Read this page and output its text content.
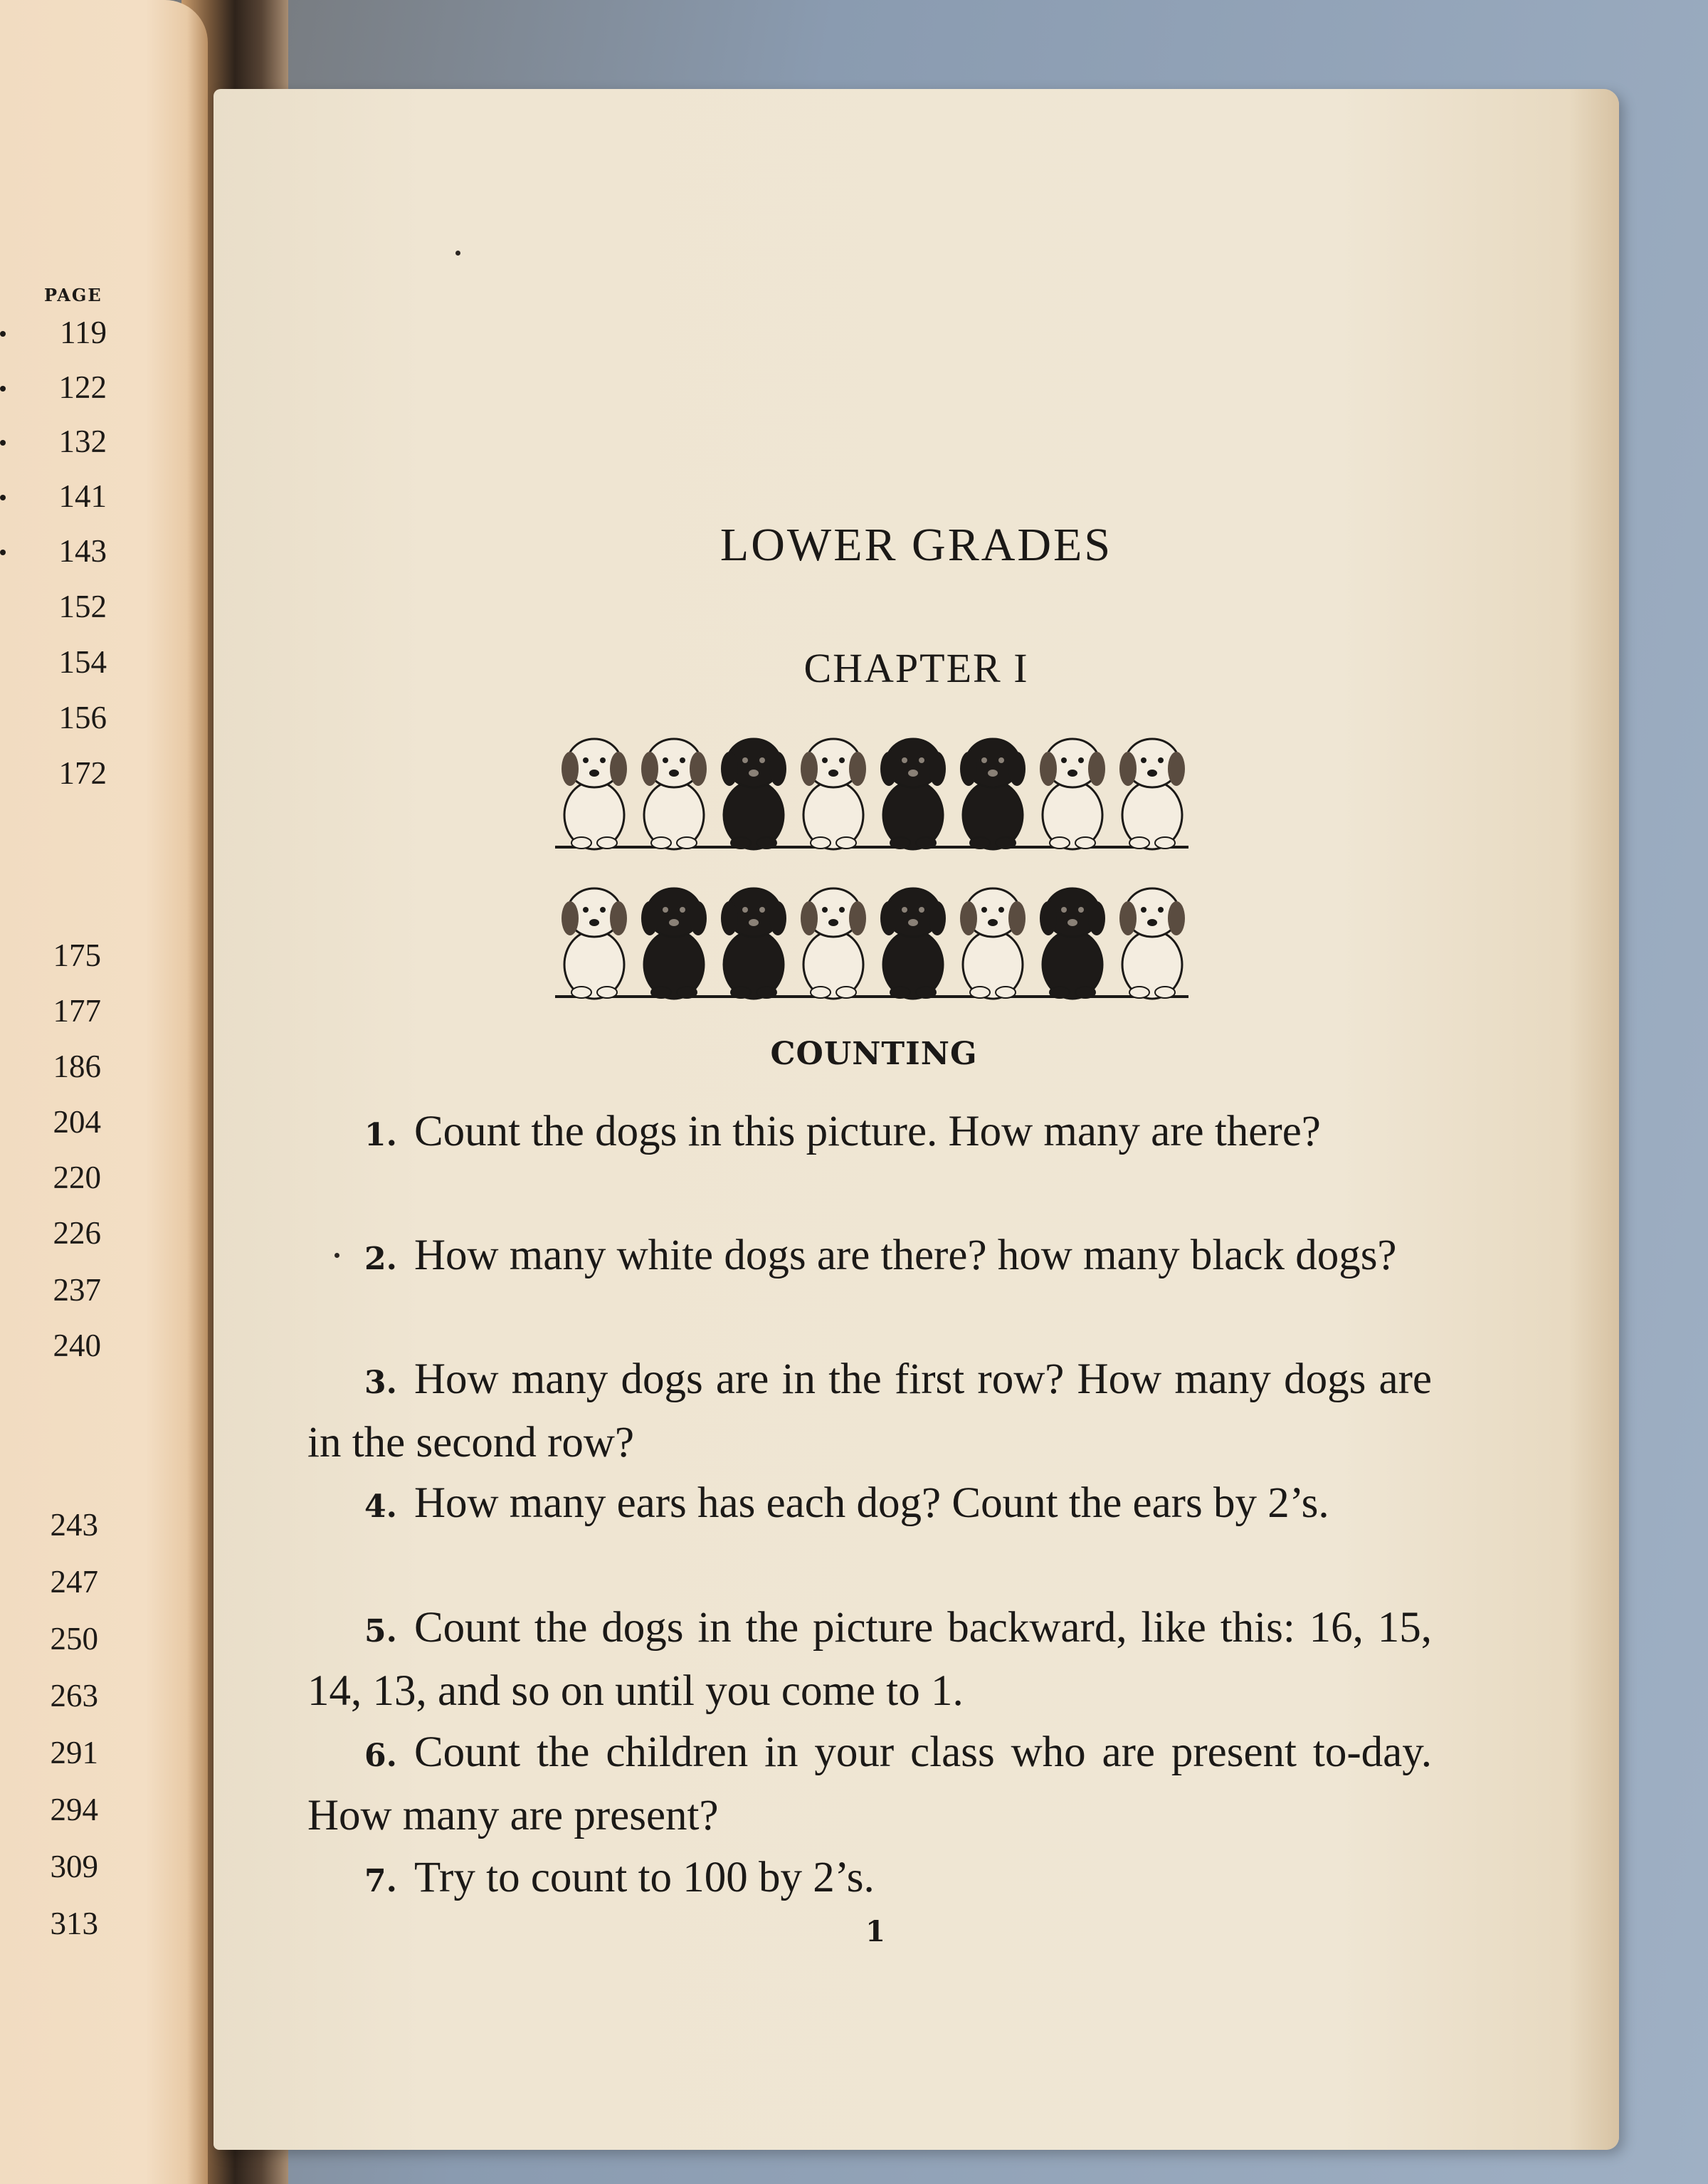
PAGE
119
122
132
141
143
152
154
156
172
175
177
186
204
220
226
237
240
243
247
250
263
291
294
309
313
LOWER GRADES
CHAPTER I
COUNTING
1. Count the dogs in this picture. How many are there?
2. How many white dogs are there? how many black dogs?
3. How many dogs are in the first row? How many dogs are in the second row?
4. How many ears has each dog? Count the ears by 2’s.
5. Count the dogs in the picture backward, like this: 16, 15, 14, 13, and so on until you come to 1.
6. Count the children in your class who are present to-day. How many are present?
7. Try to count to 100 by 2’s.
1
